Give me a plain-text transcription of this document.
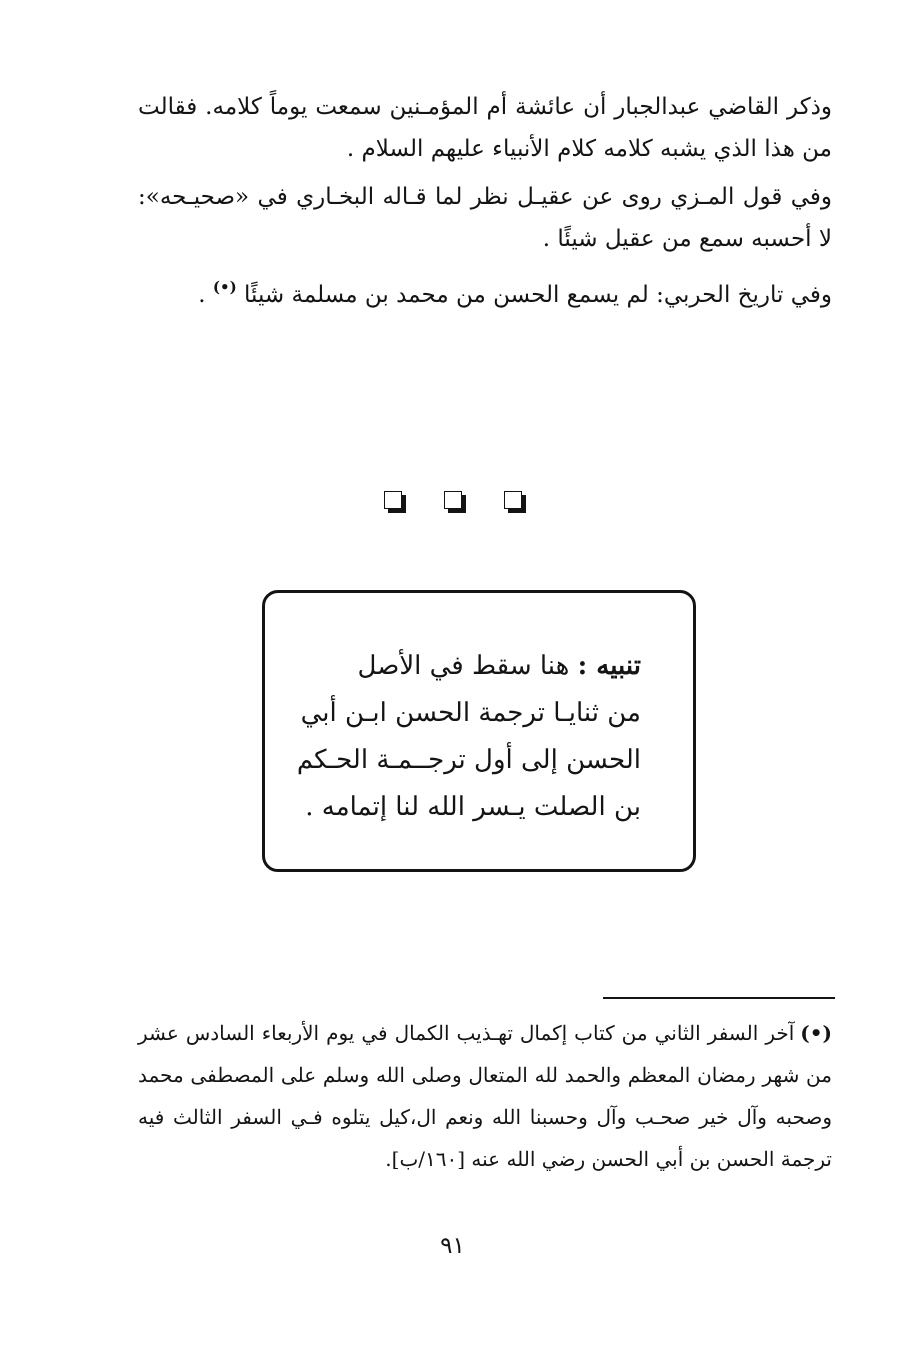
وذكر القاضي عبدالجبار أن عائشة أم المؤمـنين سمعت يوماً كلامه. فقالت من هذا الذي يشبه كلامه كلام الأنبياء عليهم السلام .

وفي قول المـزي روى عن عقيـل نظر لما قـاله البخـاري في «صحيـحه»: لا أحسبه سمع من عقيل شيئًا .

وفي تاريخ الحربي: لم يسمع الحسن من محمد بن مسلمة شيئًا (•) .

تنبيه : هنا سقط في الأصل
من ثنايـا ترجمة الحسن ابـن أبي
الحسن إلى أول ترجــمـة الحـكم
بن الصلت يـسر الله لنا إتمامه .

(•)آخر السفر الثاني من كتاب إكمال تهـذيب الكمال في يوم الأربعاء السادس عشر من شهر رمضان المعظم والحمد لله المتعال وصلى الله وسلم على المصطفى محمد وصحبه وآل خير صحـب وآل وحسبنا الله ونعم ال،كيل يتلوه فـي السفر الثالث فيه ترجمة الحسن بن أبي الحسن رضي الله عنه [١٦٠/ب].

٩١
